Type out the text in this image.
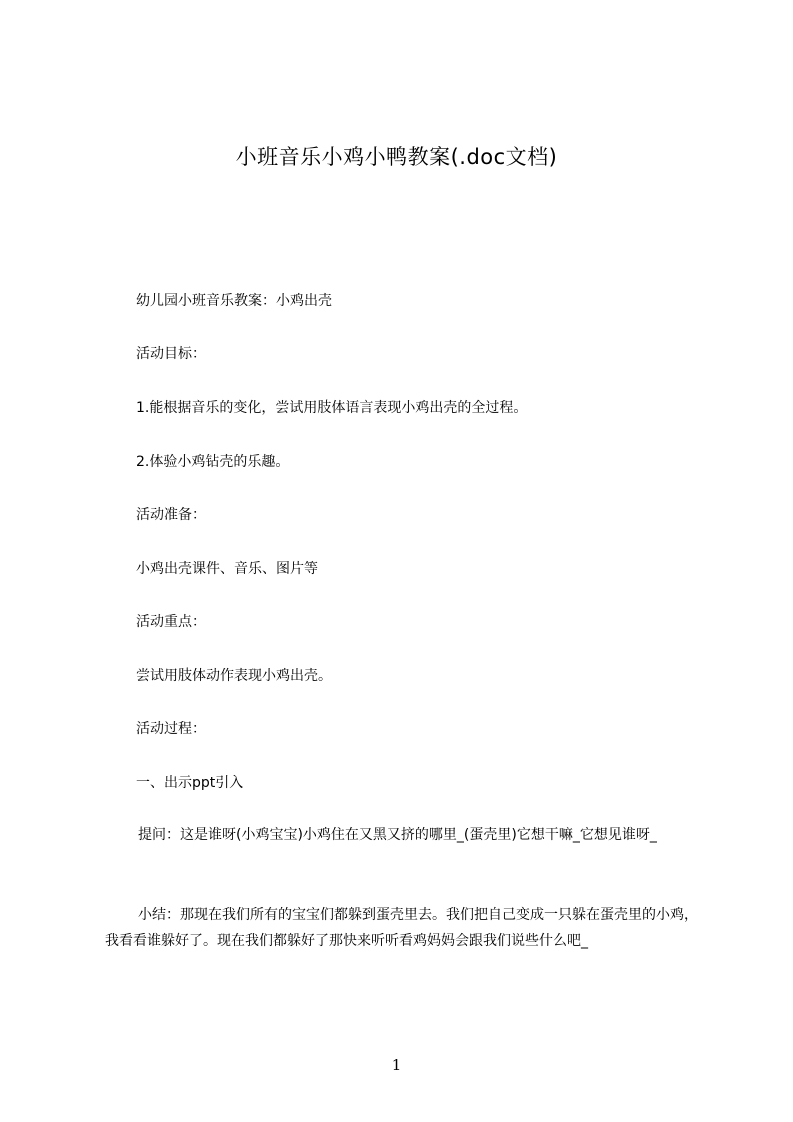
小班音乐小鸡小鸭教案(.doc文档)
幼儿园小班音乐教案：小鸡出壳
活动目标：
1.能根据音乐的变化，尝试用肢体语言表现小鸡出壳的全过程。
2.体验小鸡钻壳的乐趣。
活动准备：
小鸡出壳课件、音乐、图片等
活动重点：
尝试用肢体动作表现小鸡出壳。
活动过程：
一、出示ppt引入
提问：这是谁呀(小鸡宝宝)小鸡住在又黑又挤的哪里_(蛋壳里)它想干嘛_它想见谁呀_
小结：那现在我们所有的宝宝们都躲到蛋壳里去。我们把自己变成一只躲在蛋壳里的小鸡，我看看谁躲好了。现在我们都躲好了那快来听听看鸡妈妈会跟我们说些什么吧_
1
